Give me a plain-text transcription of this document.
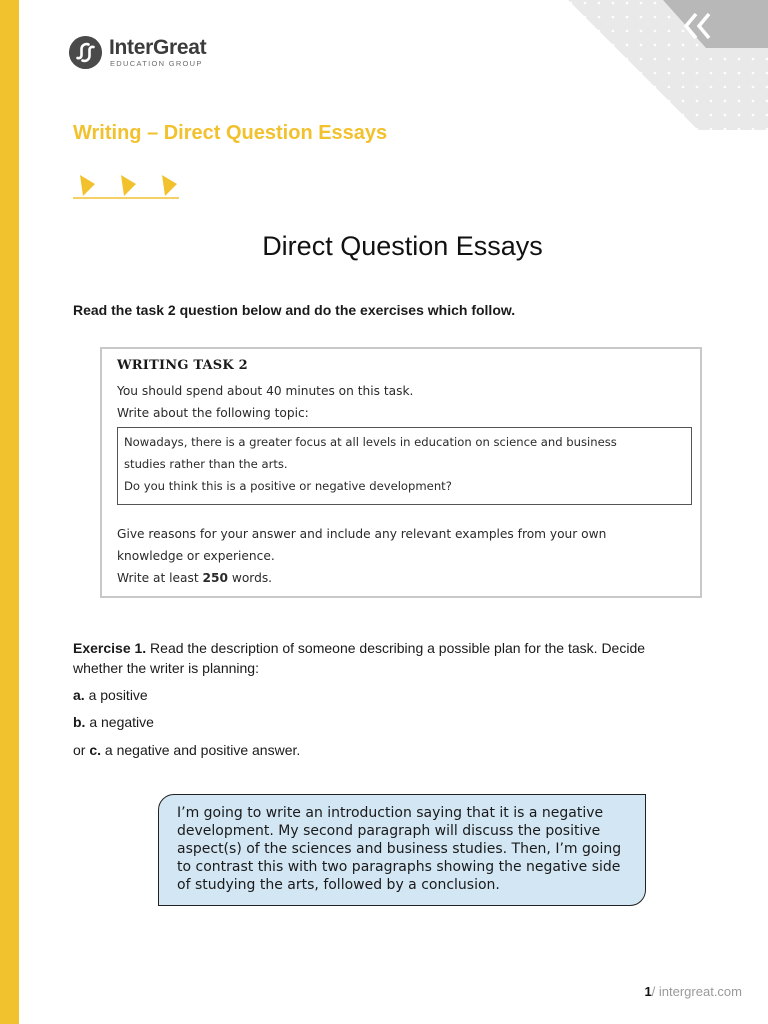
InterGreat
EDUCATION GROUP
Writing – Direct Question Essays
Direct Question Essays
Read the task 2 question below and do the exercises which follow.
WRITING TASK 2
You should spend about 40 minutes on this task.
Write about the following topic:
Nowadays, there is a greater focus at all levels in education on science and business
studies rather than the arts.
Do you think this is a positive or negative development?
Give reasons for your answer and include any relevant examples from your own
knowledge or experience.
Write at least 250 words.
Exercise 1. Read the description of someone describing a possible plan for the task. Decide
whether the writer is planning:
a. a positive
b. a negative
or c. a negative and positive answer.

I’m going to write an introduction saying that it is a negative development. My second paragraph will discuss the positive aspect(s) of the sciences and business studies. Then, I’m going to contrast this with two paragraphs showing the negative side of studying the arts, followed by a conclusion.

1/ intergreat.com
